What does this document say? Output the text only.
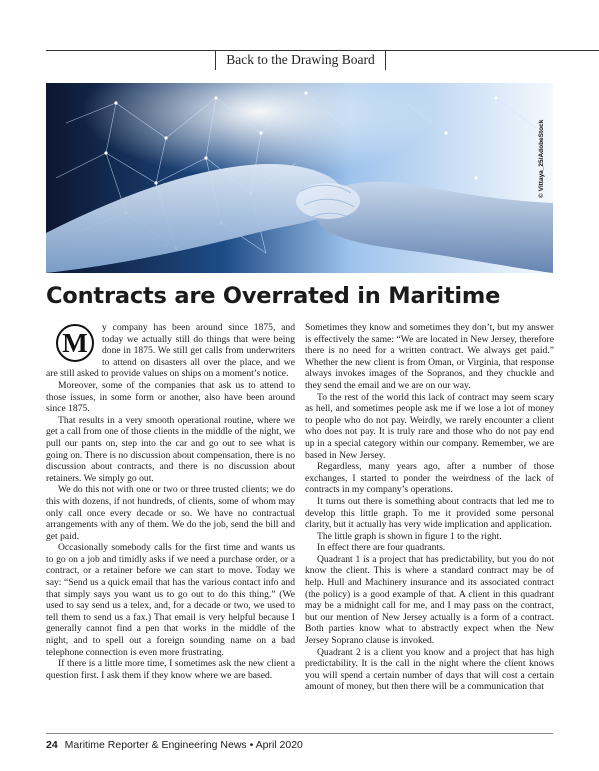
Back to the Drawing Board
© Vittaya_25/AdobeStock
Contracts are Overrated in Maritime
M

y company has been around since 1875, and today we actually still do things that were being done in 1875. We still get calls from underwriters to attend on disasters all over the place, and we are still asked to provide values on ships on a moment’s notice.

Moreover, some of the companies that ask us to attend to those issues, in some form or another, also have been around since 1875.

That results in a very smooth operational routine, where we get a call from one of those clients in the middle of the night, we pull our pants on, step into the car and go out to see what is going on. There is no discussion about compensation, there is no discussion about contracts, and there is no discussion about retainers. We simply go out.

We do this not with one or two or three trusted clients; we do this with dozens, if not hundreds, of clients, some of whom may only call once every decade or so. We have no contractual arrangements with any of them. We do the job, send the bill and get paid.

Occasionally somebody calls for the first time and wants us to go on a job and timidly asks if we need a purchase order, or a contract, or a retainer before we can start to move. Today we say: “Send us a quick email that has the various contact info and that simply says you want us to go out to do this thing.” (We used to say send us a telex, and, for a decade or two, we used to tell them to send us a fax.) That email is very helpful because I generally cannot find a pen that works in the middle of the night, and to spell out a foreign sounding name on a bad telephone connection is even more frustrating.

If there is a little more time, I sometimes ask the new client a question first. I ask them if they know where we are based.

Sometimes they know and sometimes they don’t, but my answer is effectively the same: “We are located in New Jersey, therefore there is no need for a written contract. We always get paid.” Whether the new client is from Oman, or Virginia, that response always invokes images of the Sopranos, and they chuckle and they send the email and we are on our way.

To the rest of the world this lack of contract may seem scary as hell, and sometimes people ask me if we lose a lot of money to people who do not pay. Weirdly, we rarely encounter a client who does not pay. It is truly rare and those who do not pay end up in a special category within our company. Remember, we are based in New Jersey.

Regardless, many years ago, after a number of those exchanges, I started to ponder the weirdness of the lack of contracts in my company’s operations.

It turns out there is something about contracts that led me to develop this little graph. To me it provided some personal clarity, but it actually has very wide implication and application.

The little graph is shown in figure 1 to the right.

In effect there are four quadrants.

Quadrant 1 is a project that has predictability, but you do not know the client. This is where a standard contract may be of help. Hull and Machinery insurance and its associated contract (the policy) is a good example of that. A client in this quadrant may be a midnight call for me, and I may pass on the contract, but our mention of New Jersey actually is a form of a contract. Both parties know what to abstractly expect when the New Jersey Soprano clause is invoked.

Quadrant 2 is a client you know and a project that has high predictability. It is the call in the night where the client knows you will spend a certain number of days that will cost a certain amount of money, but then there will be a communication that

24 Maritime Reporter & Engineering News • April 2020
